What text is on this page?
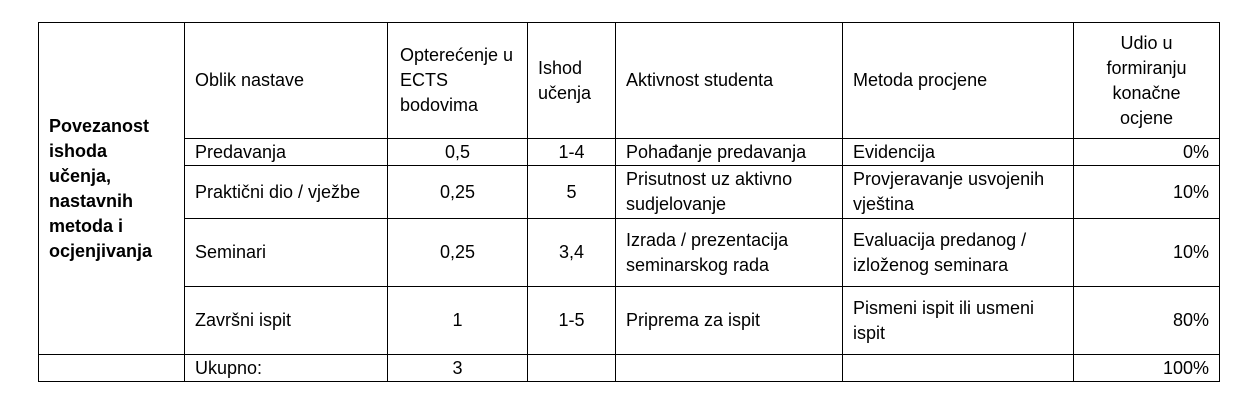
Povezanost ishoda učenja, nastavnih metoda i ocjenjivanja	Oblik nastave	Opterećenje u ECTS bodovima	Ishod učenja	Aktivnost studenta	Metoda procjene	Udio u formiranju konačne ocjene
	Predavanja	0,5	1-4	Pohađanje predavanja	Evidencija	0%
	Praktični dio / vježbe	0,25	5	Prisutnost uz aktivno sudjelovanje	Provjeravanje usvojenih vještina	10%
	Seminari	0,25	3,4	Izrada / prezentacija seminarskog rada	Evaluacija predanog / izloženog seminara	10%
	Završni ispit	1	1-5	Priprema za ispit	Pismeni ispit ili usmeni ispit	80%
	Ukupno:	3				100%
